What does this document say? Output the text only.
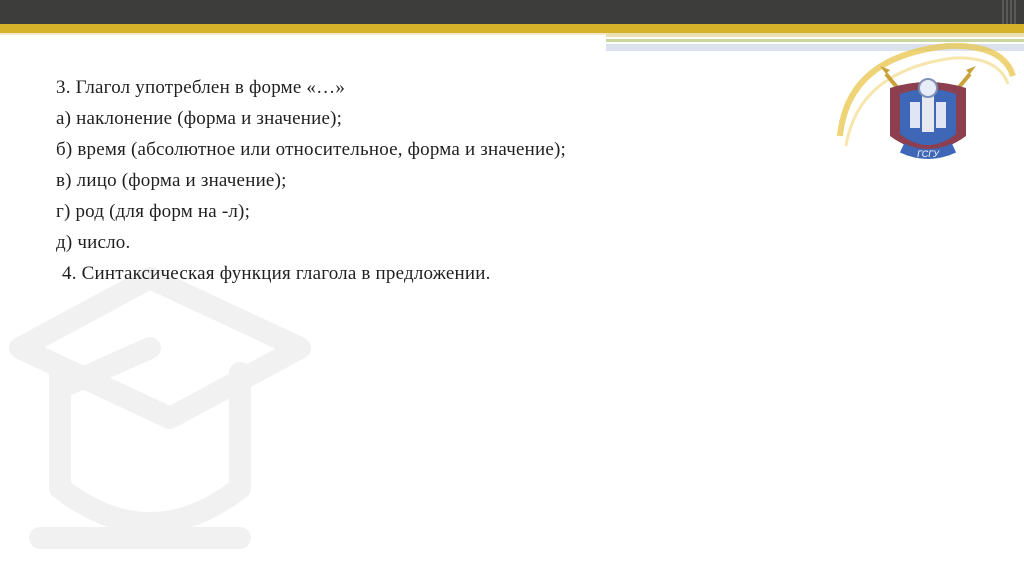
ГСГУ
3. Глагол употреблен в форме «…»
а) наклонение (форма и значение);
б) время (абсолютное или относительное, форма и значение);
в) лицо (форма и значение);
г) род (для форм на -л);
д) число.
4. Синтаксическая функция глагола в предложении.
